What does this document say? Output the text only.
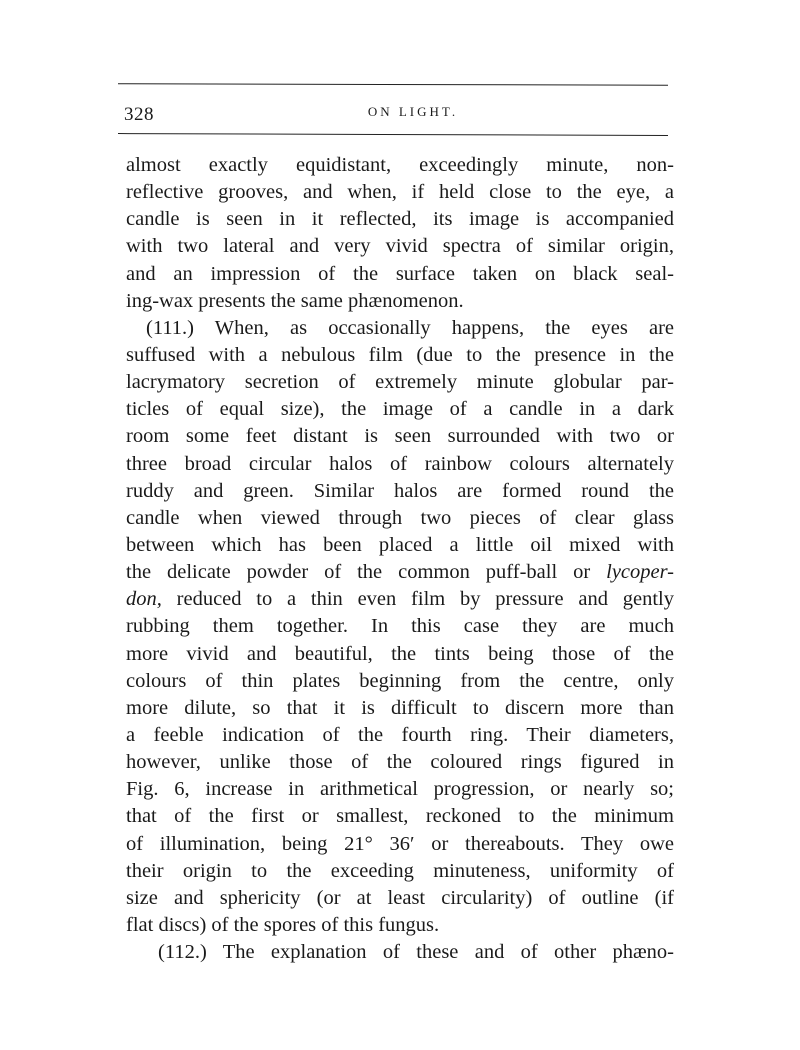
328	ON LIGHT.
almost exactly equidistant, exceedingly minute, non-
reflective grooves, and when, if held close to the eye, a
candle is seen in it reflected, its image is accompanied
with two lateral and very vivid spectra of similar origin,
and an impression of the surface taken on black seal-
ing-wax presents the same phænomenon.
(111.) When, as occasionally happens, the eyes are
suffused with a nebulous film (due to the presence in the
lacrymatory secretion of extremely minute globular par-
ticles of equal size), the image of a candle in a dark
room some feet distant is seen surrounded with two or
three broad circular halos of rainbow colours alternately
ruddy and green. Similar halos are formed round the
candle when viewed through two pieces of clear glass
between which has been placed a little oil mixed with
the delicate powder of the common puff-ball or lycoper-
don, reduced to a thin even film by pressure and gently
rubbing them together. In this case they are much
more vivid and beautiful, the tints being those of the
colours of thin plates beginning from the centre, only
more dilute, so that it is difficult to discern more than
a feeble indication of the fourth ring. Their diameters,
however, unlike those of the coloured rings figured in
Fig. 6, increase in arithmetical progression, or nearly so;
that of the first or smallest, reckoned to the minimum
of illumination, being 21° 36′ or thereabouts. They owe
their origin to the exceeding minuteness, uniformity of
size and sphericity (or at least circularity) of outline (if
flat discs) of the spores of this fungus.
(112.) The explanation of these and of other phæno-
